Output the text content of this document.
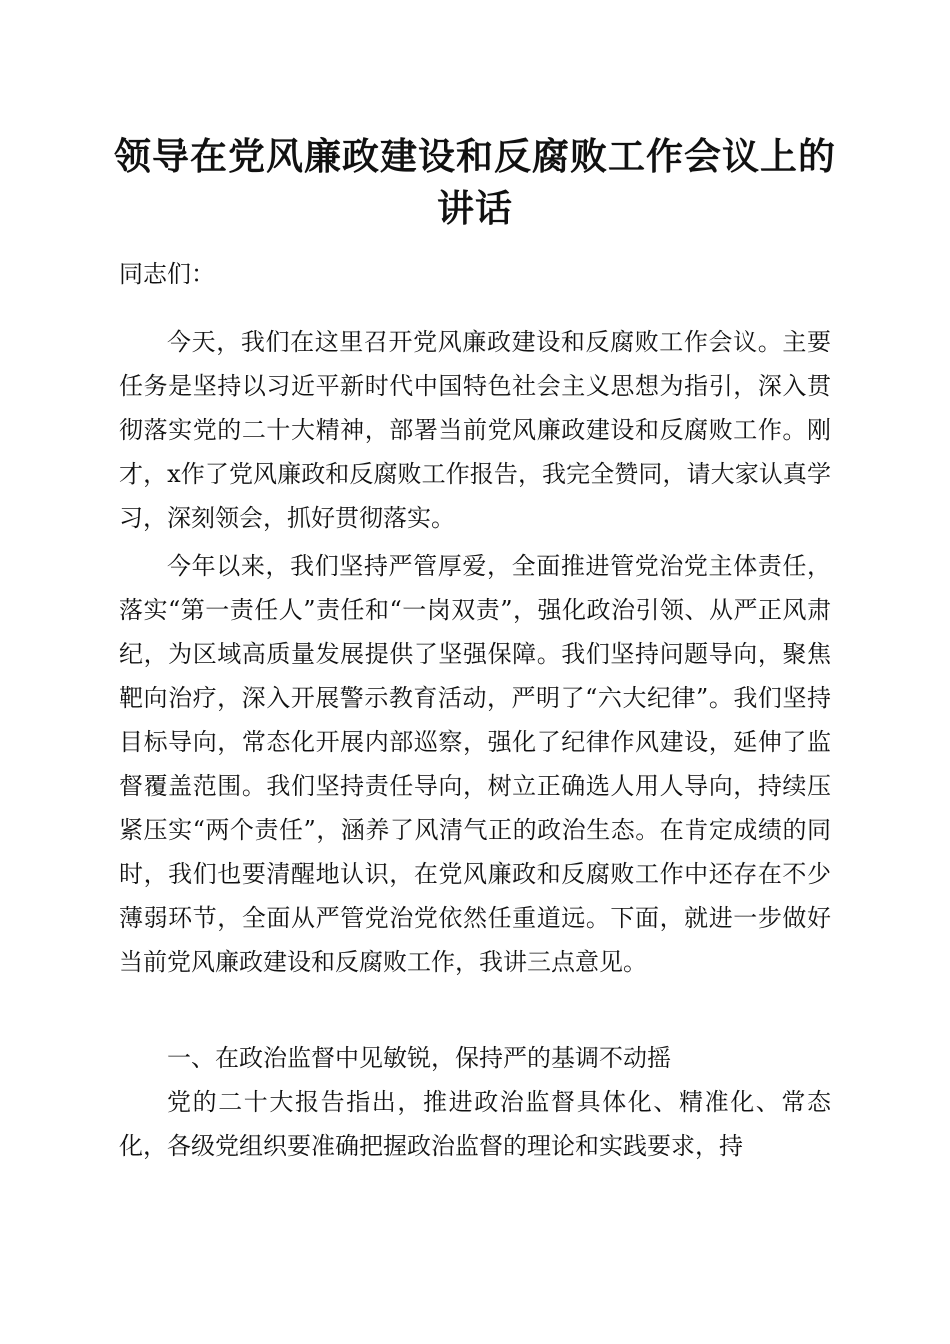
领导在党风廉政建设和反腐败工作会议上的讲话

同志们：

今天，我们在这里召开党风廉政建设和反腐败工作会议。主要任务是坚持以习近平新时代中国特色社会主义思想为指引，深入贯彻落实党的二十大精神，部署当前党风廉政建设和反腐败工作。刚才，x作了党风廉政和反腐败工作报告，我完全赞同，请大家认真学习，深刻领会，抓好贯彻落实。

今年以来，我们坚持严管厚爱，全面推进管党治党主体责任，落实“第一责任人”责任和“一岗双责”，强化政治引领、从严正风肃纪，为区域高质量发展提供了坚强保障。我们坚持问题导向，聚焦靶向治疗，深入开展警示教育活动，严明了“六大纪律”。我们坚持目标导向，常态化开展内部巡察，强化了纪律作风建设，延伸了监督覆盖范围。我们坚持责任导向，树立正确选人用人导向，持续压紧压实“两个责任”，涵养了风清气正的政治生态。在肯定成绩的同时，我们也要清醒地认识，在党风廉政和反腐败工作中还存在不少薄弱环节，全面从严管党治党依然任重道远。下面，就进一步做好当前党风廉政建设和反腐败工作，我讲三点意见。

一、在政治监督中见敏锐，保持严的基调不动摇

党的二十大报告指出，推进政治监督具体化、精准化、常态化，各级党组织要准确把握政治监督的理论和实践要求，持
